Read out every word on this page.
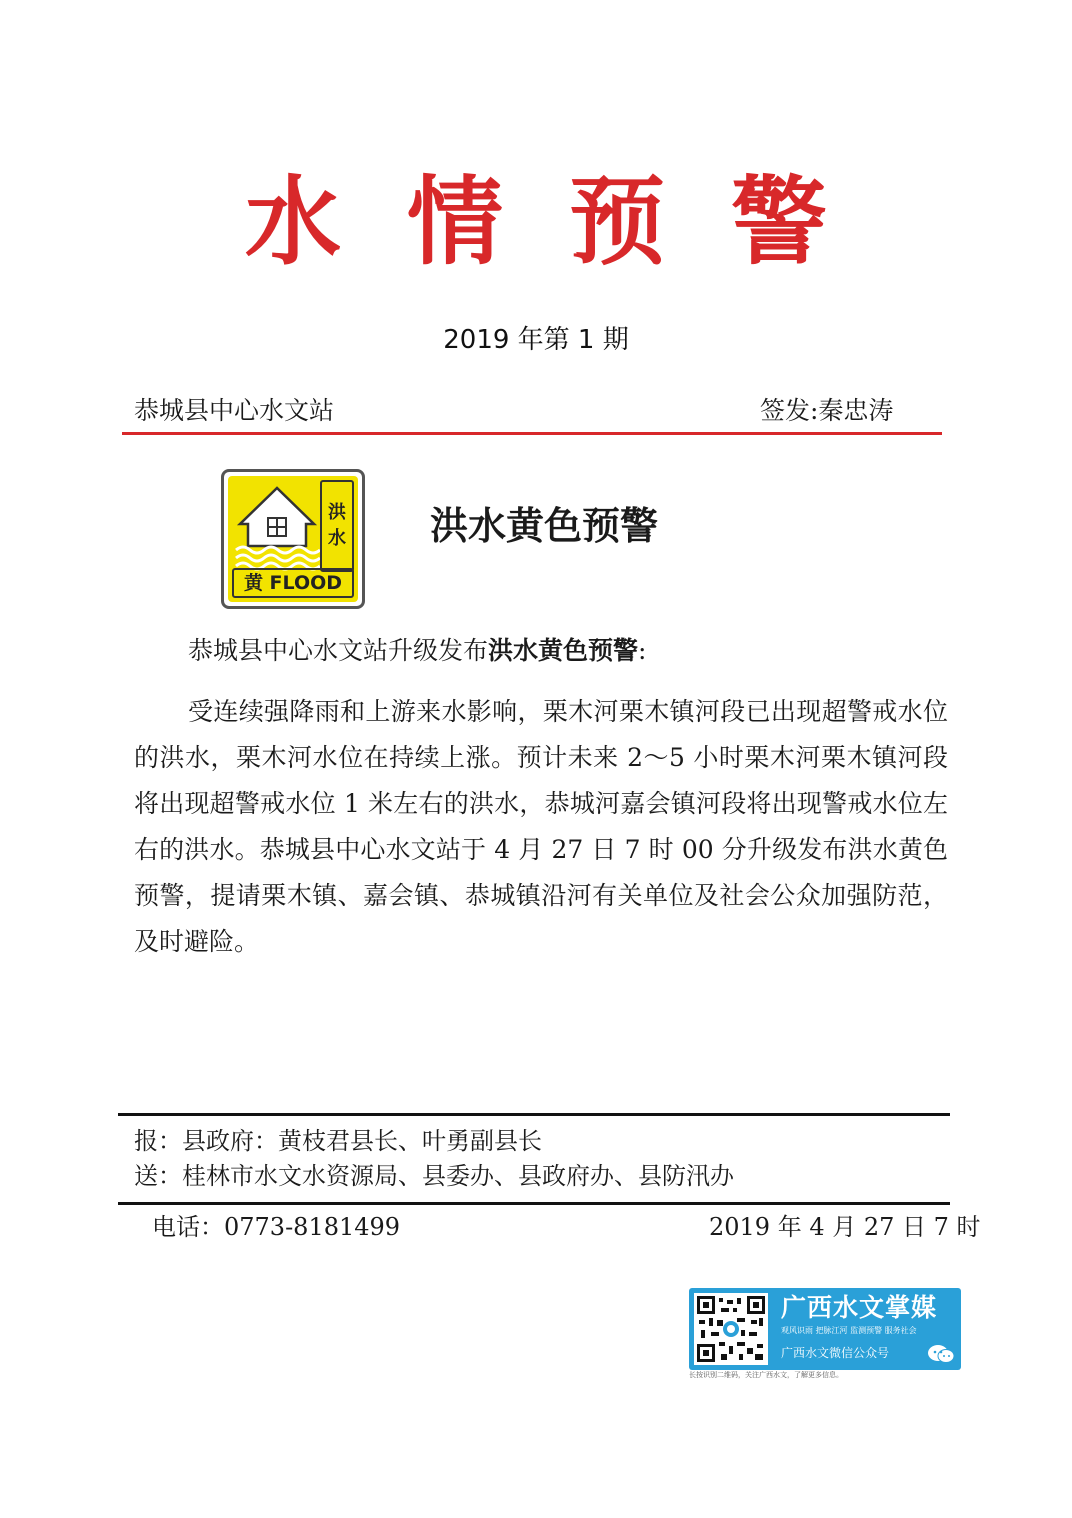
水情预警
2019 年第 1 期
恭城县中心水文站	签发:秦忠涛
洪
水
黄 FLOOD
洪水黄色预警
恭城县中心水文站升级发布洪水黄色预警:
受连续强降雨和上游来水影响，栗木河栗木镇河段已出现超警戒水位的洪水，栗木河水位在持续上涨。预计未来 2～5 小时栗木河栗木镇河段将出现超警戒水位 1 米左右的洪水，恭城河嘉会镇河段将出现警戒水位左右的洪水。恭城县中心水文站于 4 月 27 日 7 时 00 分升级发布洪水黄色预警，提请栗木镇、嘉会镇、恭城镇沿河有关单位及社会公众加强防范，及时避险。
报：县政府：黄枝君县长、叶勇副县长
送：桂林市水文水资源局、县委办、县政府办、县防汛办
电话：0773-8181499	2019 年 4 月 27 日 7 时
广西水文掌媒
观风识雨 把脉江河 监测预警 服务社会
广西水文微信公众号
长按识别二维码，关注广西水文，了解更多信息。
